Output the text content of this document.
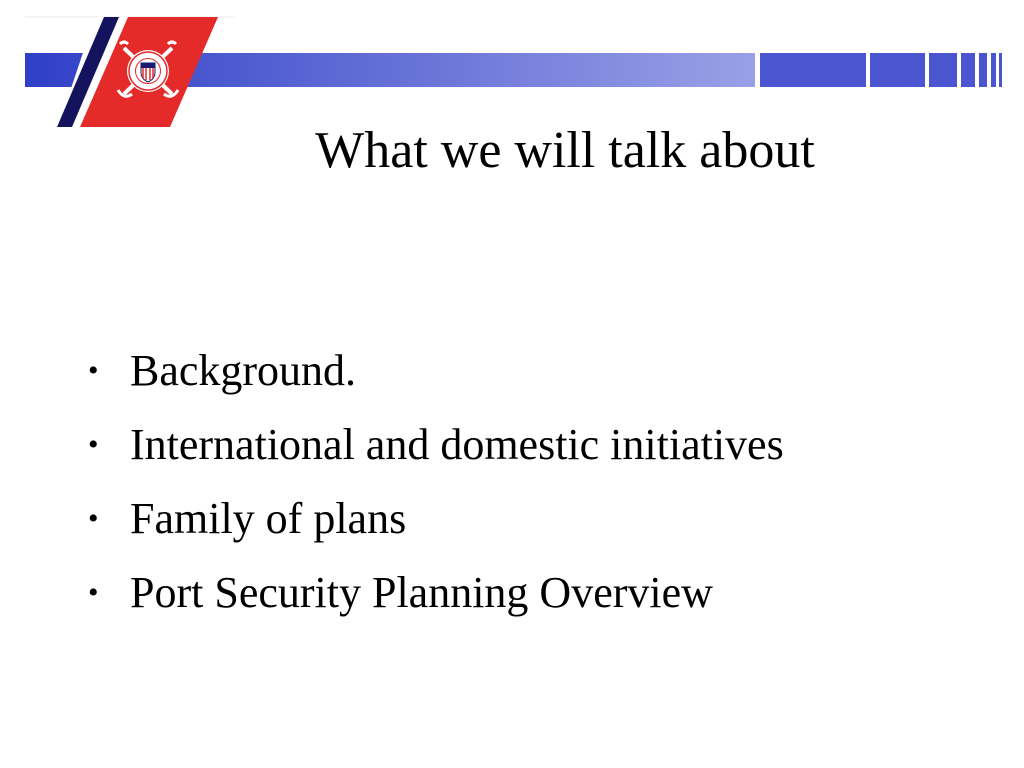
What we will talk about
• Background.
• International and domestic initiatives
• Family of plans
• Port Security Planning Overview
